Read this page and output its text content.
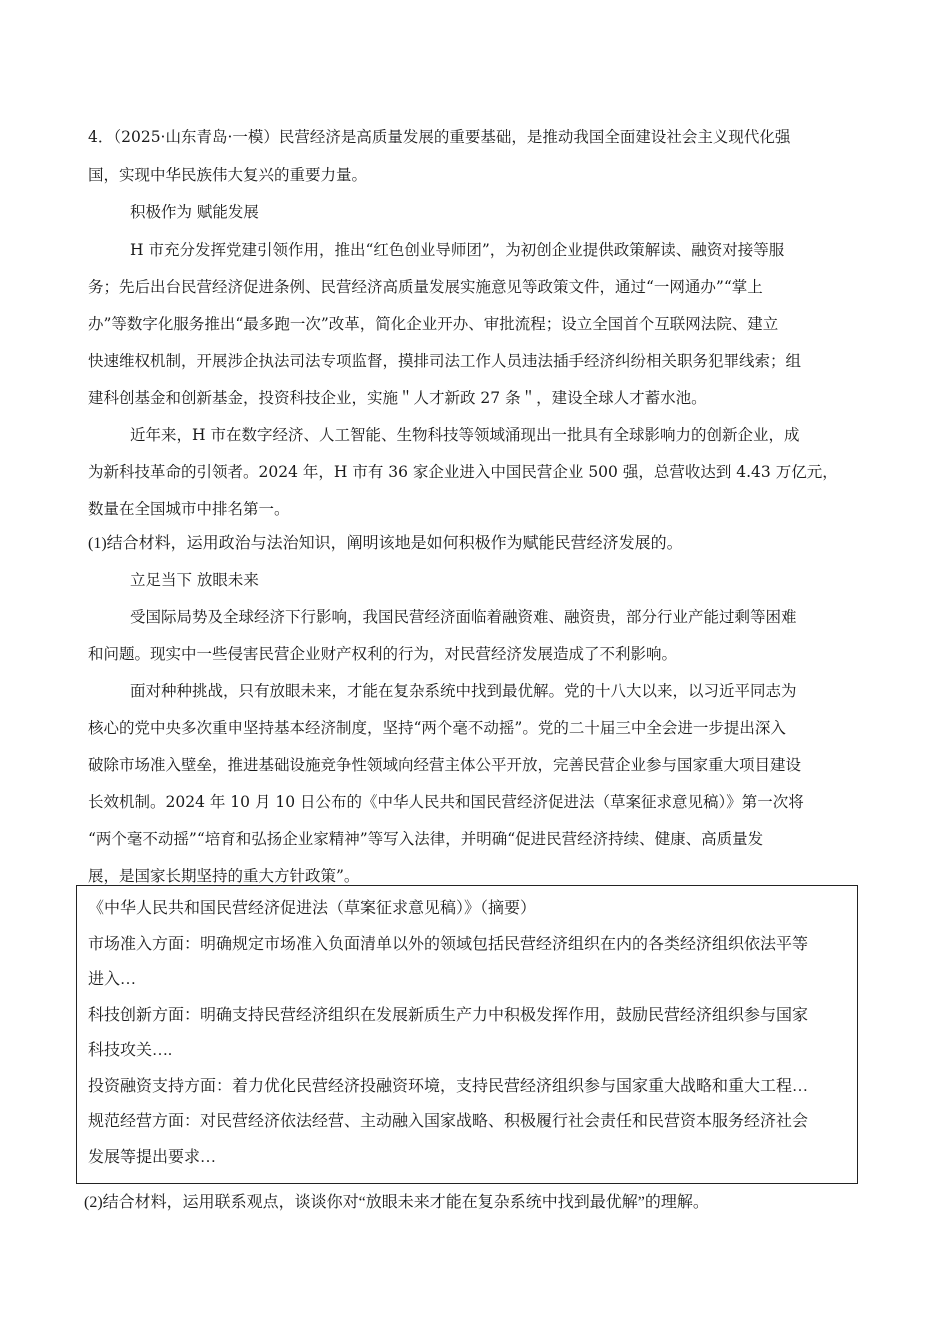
4．（2025·山东青岛·一模）民营经济是高质量发展的重要基础，是推动我国全面建设社会主义现代化强
国，实现中华民族伟大复兴的重要力量。
积极作为 赋能发展
H 市充分发挥党建引领作用，推出“红色创业导师团”，为初创企业提供政策解读、融资对接等服
务；先后出台民营经济促进条例、民营经济高质量发展实施意见等政策文件，通过“一网通办”“掌上
办”等数字化服务推出“最多跑一次”改革，简化企业开办、审批流程；设立全国首个互联网法院、建立
快速维权机制，开展涉企执法司法专项监督，摸排司法工作人员违法插手经济纠纷相关职务犯罪线索；组
建科创基金和创新基金，投资科技企业，实施＂人才新政 27 条＂，建设全球人才蓄水池。
近年来，H 市在数字经济、人工智能、生物科技等领域涌现出一批具有全球影响力的创新企业，成
为新科技革命的引领者。2024 年，H 市有 36 家企业进入中国民营企业 500 强，总营收达到 4.43 万亿元，
数量在全国城市中排名第一。
(1)结合材料，运用政治与法治知识，阐明该地是如何积极作为赋能民营经济发展的。
立足当下 放眼未来
受国际局势及全球经济下行影响，我国民营经济面临着融资难、融资贵，部分行业产能过剩等困难
和问题。现实中一些侵害民营企业财产权利的行为，对民营经济发展造成了不利影响。
面对种种挑战，只有放眼未来，才能在复杂系统中找到最优解。党的十八大以来，以习近平同志为
核心的党中央多次重申坚持基本经济制度，坚持“两个毫不动摇”。党的二十届三中全会进一步提出深入
破除市场准入壁垒，推进基础设施竞争性领域向经营主体公平开放，完善民营企业参与国家重大项目建设
长效机制。2024 年 10 月 10 日公布的《中华人民共和国民营经济促进法（草案征求意见稿）》第一次将
“两个毫不动摇”“培育和弘扬企业家精神”等写入法律，并明确“促进民营经济持续、健康、高质量发
展，是国家长期坚持的重大方针政策”。
《中华人民共和国民营经济促进法（草案征求意见稿）》（摘要）
市场准入方面：明确规定市场准入负面清单以外的领域包括民营经济组织在内的各类经济组织依法平等
进入…
科技创新方面：明确支持民营经济组织在发展新质生产力中积极发挥作用，鼓励民营经济组织参与国家
科技攻关….
投资融资支持方面：着力优化民营经济投融资环境，支持民营经济组织参与国家重大战略和重大工程…
规范经营方面：对民营经济依法经营、主动融入国家战略、积极履行社会责任和民营资本服务经济社会
发展等提出要求…
(2)结合材料，运用联系观点，谈谈你对“放眼未来才能在复杂系统中找到最优解”的理解。
